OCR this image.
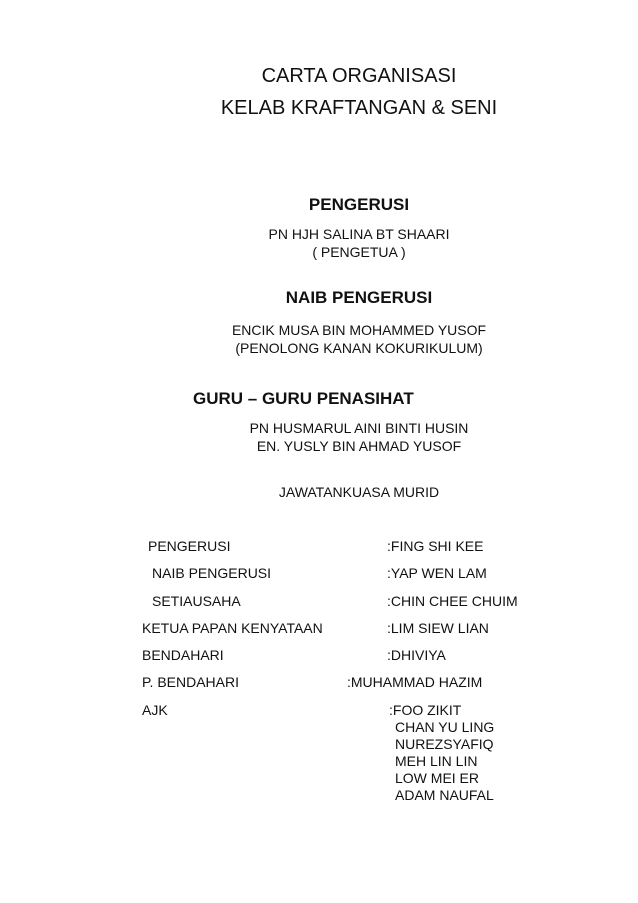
CARTA ORGANISASI
KELAB KRAFTANGAN & SENI
PENGERUSI
PN HJH SALINA BT SHAARI
( PENGETUA )
NAIB PENGERUSI
ENCIK MUSA BIN MOHAMMED YUSOF
(PENOLONG KANAN KOKURIKULUM)
GURU – GURU PENASIHAT
PN HUSMARUL AINI BINTI HUSIN
EN. YUSLY BIN AHMAD YUSOF
JAWATANKUASA MURID
PENGERUSI	:FING SHI KEE
NAIB PENGERUSI	:YAP WEN LAM
SETIAUSAHA	:CHIN CHEE CHUIM
KETUA PAPAN KENYATAAN	:LIM SIEW LIAN
BENDAHARI	:DHIVIYA
P. BENDAHARI	:MUHAMMAD HAZIM
AJK	:FOO ZIKIT
CHAN YU LING
NUREZSYAFIQ
MEH LIN LIN
LOW MEI ER
ADAM NAUFAL
